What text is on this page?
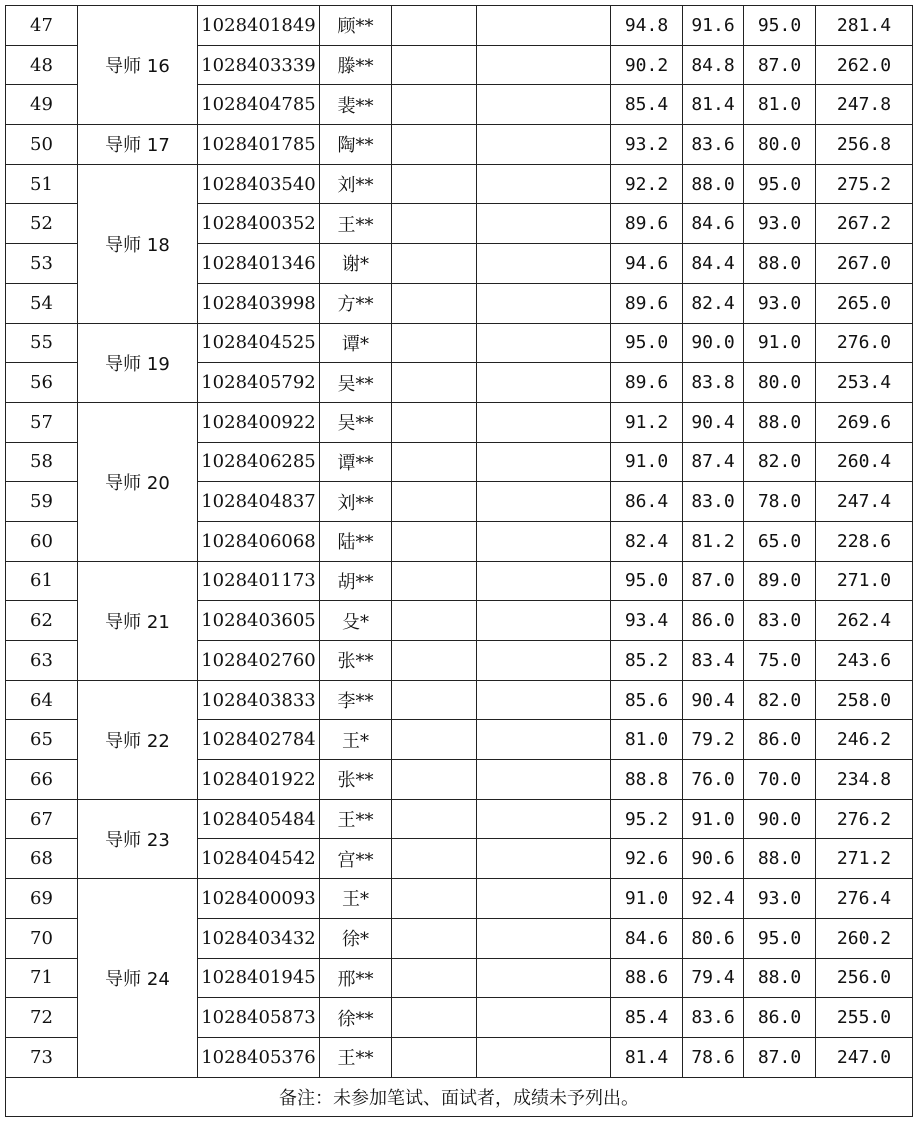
47	导师 16	1028401849	顾**			94.8	91.6	95.0	281.4
48		1028403339	滕**			90.2	84.8	87.0	262.0
49		1028404785	裴**			85.4	81.4	81.0	247.8
50	导师 17	1028401785	陶**			93.2	83.6	80.0	256.8
51	导师 18	1028403540	刘**			92.2	88.0	95.0	275.2
52		1028400352	王**			89.6	84.6	93.0	267.2
53		1028401346	谢*			94.6	84.4	88.0	267.0
54		1028403998	方**			89.6	82.4	93.0	265.0
55	导师 19	1028404525	谭*			95.0	90.0	91.0	276.0
56		1028405792	吴**			89.6	83.8	80.0	253.4
57	导师 20	1028400922	吴**			91.2	90.4	88.0	269.6
58		1028406285	谭**			91.0	87.4	82.0	260.4
59		1028404837	刘**			86.4	83.0	78.0	247.4
60		1028406068	陆**			82.4	81.2	65.0	228.6
61	导师 21	1028401173	胡**			95.0	87.0	89.0	271.0
62		1028403605	殳*			93.4	86.0	83.0	262.4
63		1028402760	张**			85.2	83.4	75.0	243.6
64	导师 22	1028403833	李**			85.6	90.4	82.0	258.0
65		1028402784	王*			81.0	79.2	86.0	246.2
66		1028401922	张**			88.8	76.0	70.0	234.8
67	导师 23	1028405484	王**			95.2	91.0	90.0	276.2
68		1028404542	宫**			92.6	90.6	88.0	271.2
69	导师 24	1028400093	王*			91.0	92.4	93.0	276.4
70		1028403432	徐*			84.6	80.6	95.0	260.2
71		1028401945	邢**			88.6	79.4	88.0	256.0
72		1028405873	徐**			85.4	83.6	86.0	255.0
73		1028405376	王**			81.4	78.6	87.0	247.0
备注：未参加笔试、面试者，成绩未予列出。									
